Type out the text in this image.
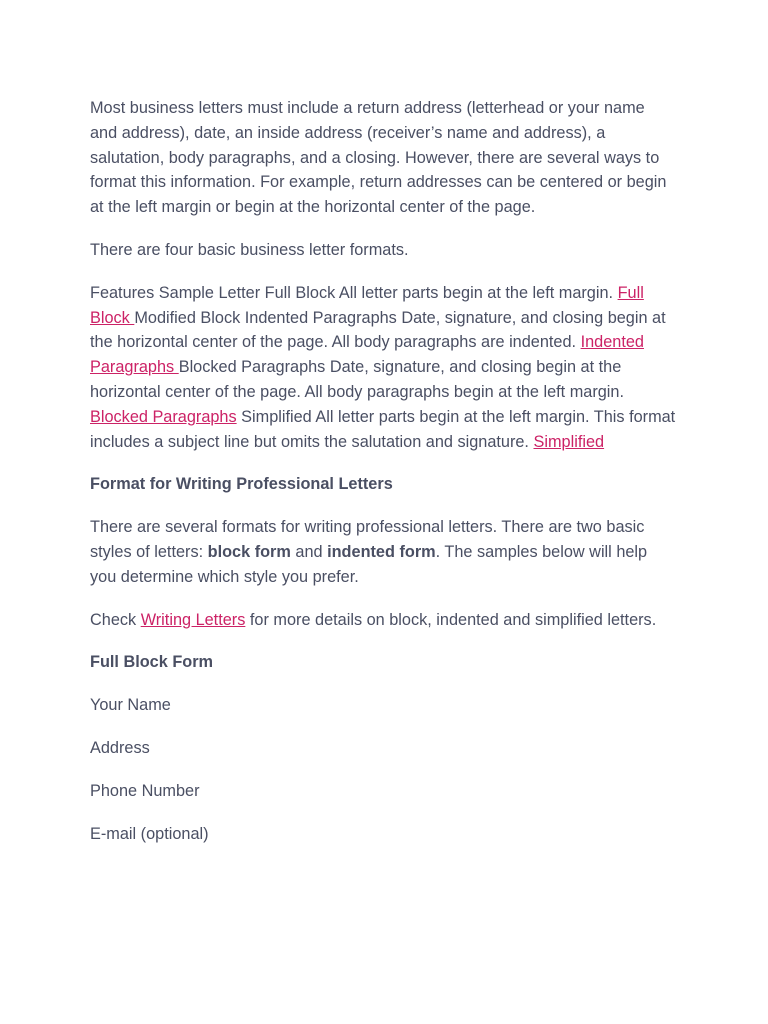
Most business letters must include a return address (letterhead or your name and address), date, an inside address (receiver’s name and address), a salutation, body paragraphs, and a closing. However, there are several ways to format this information. For example, return addresses can be centered or begin at the left margin or begin at the horizontal center of the page.

There are four basic business letter formats.

Features Sample Letter Full Block All letter parts begin at the left margin. Full Block Modified Block Indented Paragraphs Date, signature, and closing begin at the horizontal center of the page. All body paragraphs are indented. Indented Paragraphs Blocked Paragraphs Date, signature, and closing begin at the horizontal center of the page. All body paragraphs begin at the left margin. Blocked Paragraphs Simplified All letter parts begin at the left margin. This format includes a subject line but omits the salutation and signature. Simplified

Format for Writing Professional Letters

There are several formats for writing professional letters. There are two basic styles of letters: block form and indented form. The samples below will help you determine which style you prefer.

Check Writing Letters for more details on block, indented and simplified letters.

Full Block Form

Your Name

Address

Phone Number

E-mail (optional)
